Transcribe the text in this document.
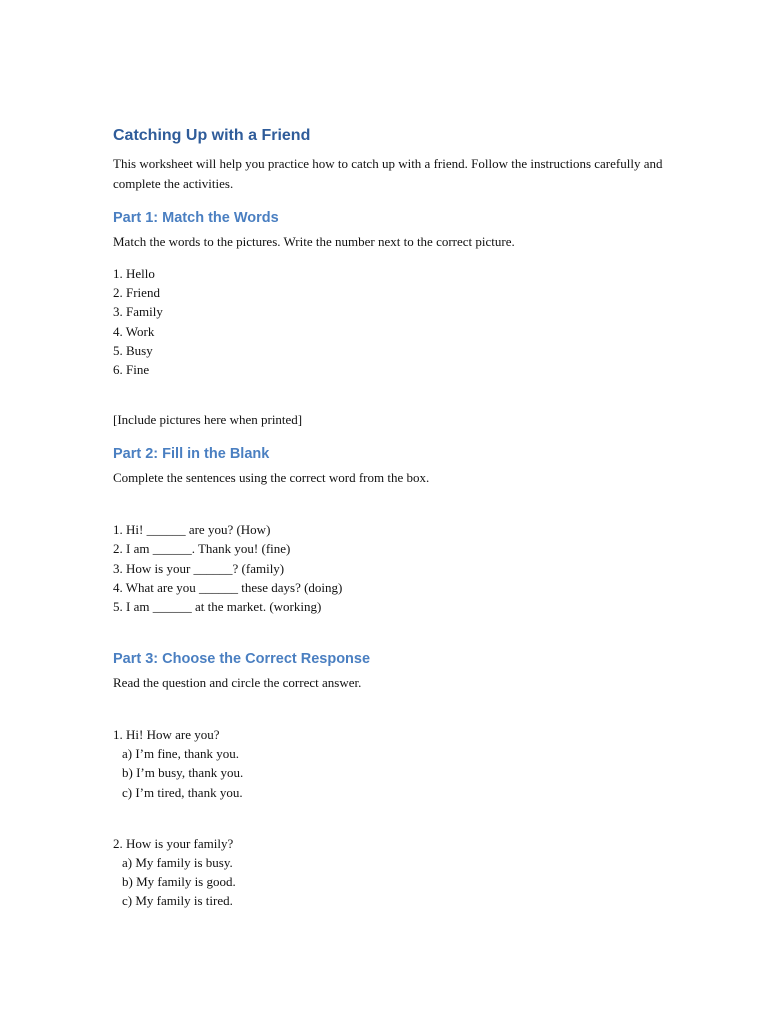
Catching Up with a Friend

This worksheet will help you practice how to catch up with a friend. Follow the instructions carefully and complete the activities.

Part 1: Match the Words

Match the words to the pictures. Write the number next to the correct picture.

1. Hello
2. Friend
3. Family
4. Work
5. Busy
6. Fine

[Include pictures here when printed]

Part 2: Fill in the Blank

Complete the sentences using the correct word from the box.

1. Hi! ______ are you? (How)
2. I am ______. Thank you! (fine)
3. How is your ______? (family)
4. What are you ______ these days? (doing)
5. I am ______ at the market. (working)
Part 3: Choose the Correct Response

Read the question and circle the correct answer.

1. Hi! How are you?
a) I’m fine, thank you.
b) I’m busy, thank you.
c) I’m tired, thank you.
2. How is your family?
a) My family is busy.
b) My family is good.
c) My family is tired.
